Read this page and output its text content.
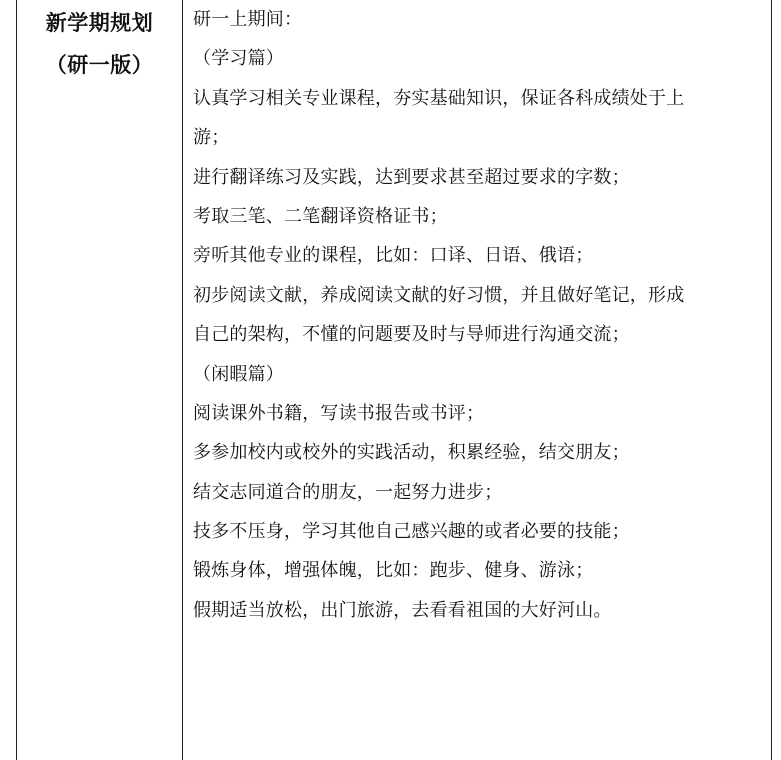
新学期规划
（研一版）
研一上期间：
（学习篇）
认真学习相关专业课程，夯实基础知识，保证各科成绩处于上
游；
进行翻译练习及实践，达到要求甚至超过要求的字数；
考取三笔、二笔翻译资格证书；
旁听其他专业的课程，比如：口译、日语、俄语；
初步阅读文献，养成阅读文献的好习惯，并且做好笔记，形成
自己的架构，不懂的问题要及时与导师进行沟通交流；
（闲暇篇）
阅读课外书籍，写读书报告或书评；
多参加校内或校外的实践活动，积累经验，结交朋友；
结交志同道合的朋友，一起努力进步；
技多不压身，学习其他自己感兴趣的或者必要的技能；
锻炼身体，增强体魄，比如：跑步、健身、游泳；
假期适当放松，出门旅游，去看看祖国的大好河山。
